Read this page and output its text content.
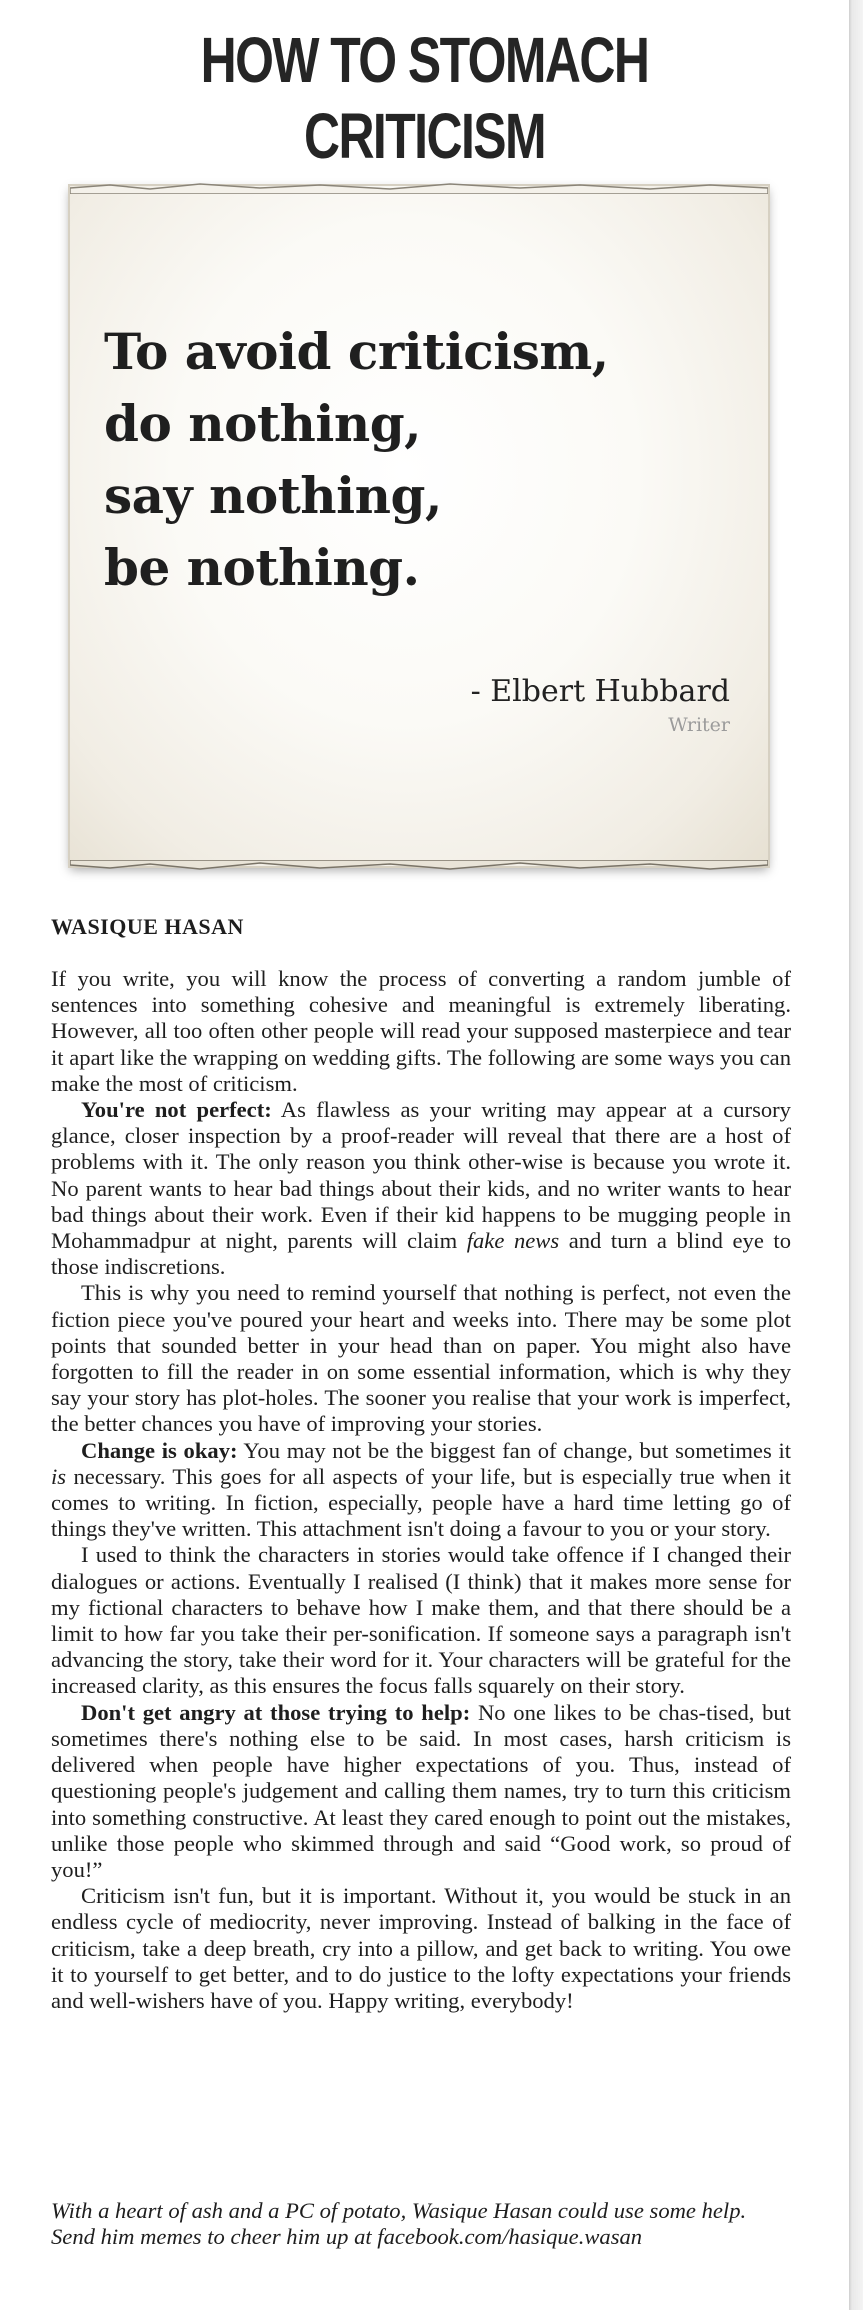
HOW TO STOMACH CRITICISM

To avoid criticism,
do nothing,
say nothing,
be nothing.

- Elbert Hubbard
Writer
WASIQUE HASAN

If you write, you will know the process of converting a random jumble of sentences into something cohesive and meaningful is extremely liberating. However, all too often other people will read your supposed masterpiece and tear it apart like the wrapping on wedding gifts. The following are some ways you can make the most of criticism.

You're not perfect: As flawless as your writing may appear at a cursory glance, closer inspection by a proof-reader will reveal that there are a host of problems with it. The only reason you think other-wise is because you wrote it. No parent wants to hear bad things about their kids, and no writer wants to hear bad things about their work. Even if their kid happens to be mugging people in Mohammadpur at night, parents will claim fake news and turn a blind eye to those indiscretions.

This is why you need to remind yourself that nothing is perfect, not even the fiction piece you've poured your heart and weeks into. There may be some plot points that sounded better in your head than on paper. You might also have forgotten to fill the reader in on some essential information, which is why they say your story has plot-holes. The sooner you realise that your work is imperfect, the better chances you have of improving your stories.

Change is okay: You may not be the biggest fan of change, but sometimes it is necessary. This goes for all aspects of your life, but is especially true when it comes to writing. In fiction, especially, people have a hard time letting go of things they've written. This attachment isn't doing a favour to you or your story.

I used to think the characters in stories would take offence if I changed their dialogues or actions. Eventually I realised (I think) that it makes more sense for my fictional characters to behave how I make them, and that there should be a limit to how far you take their per-sonification. If someone says a paragraph isn't advancing the story, take their word for it. Your characters will be grateful for the increased clarity, as this ensures the focus falls squarely on their story.

Don't get angry at those trying to help: No one likes to be chas-tised, but sometimes there's nothing else to be said. In most cases, harsh criticism is delivered when people have higher expectations of you. Thus, instead of questioning people's judgement and calling them names, try to turn this criticism into something constructive. At least they cared enough to point out the mistakes, unlike those people who skimmed through and said “Good work, so proud of you!”

Criticism isn't fun, but it is important. Without it, you would be stuck in an endless cycle of mediocrity, never improving. Instead of balking in the face of criticism, take a deep breath, cry into a pillow, and get back to writing. You owe it to yourself to get better, and to do justice to the lofty expectations your friends and well-wishers have of you. Happy writing, everybody!

With a heart of ash and a PC of potato, Wasique Hasan could use some help. Send him memes to cheer him up at facebook.com/hasique.wasan
